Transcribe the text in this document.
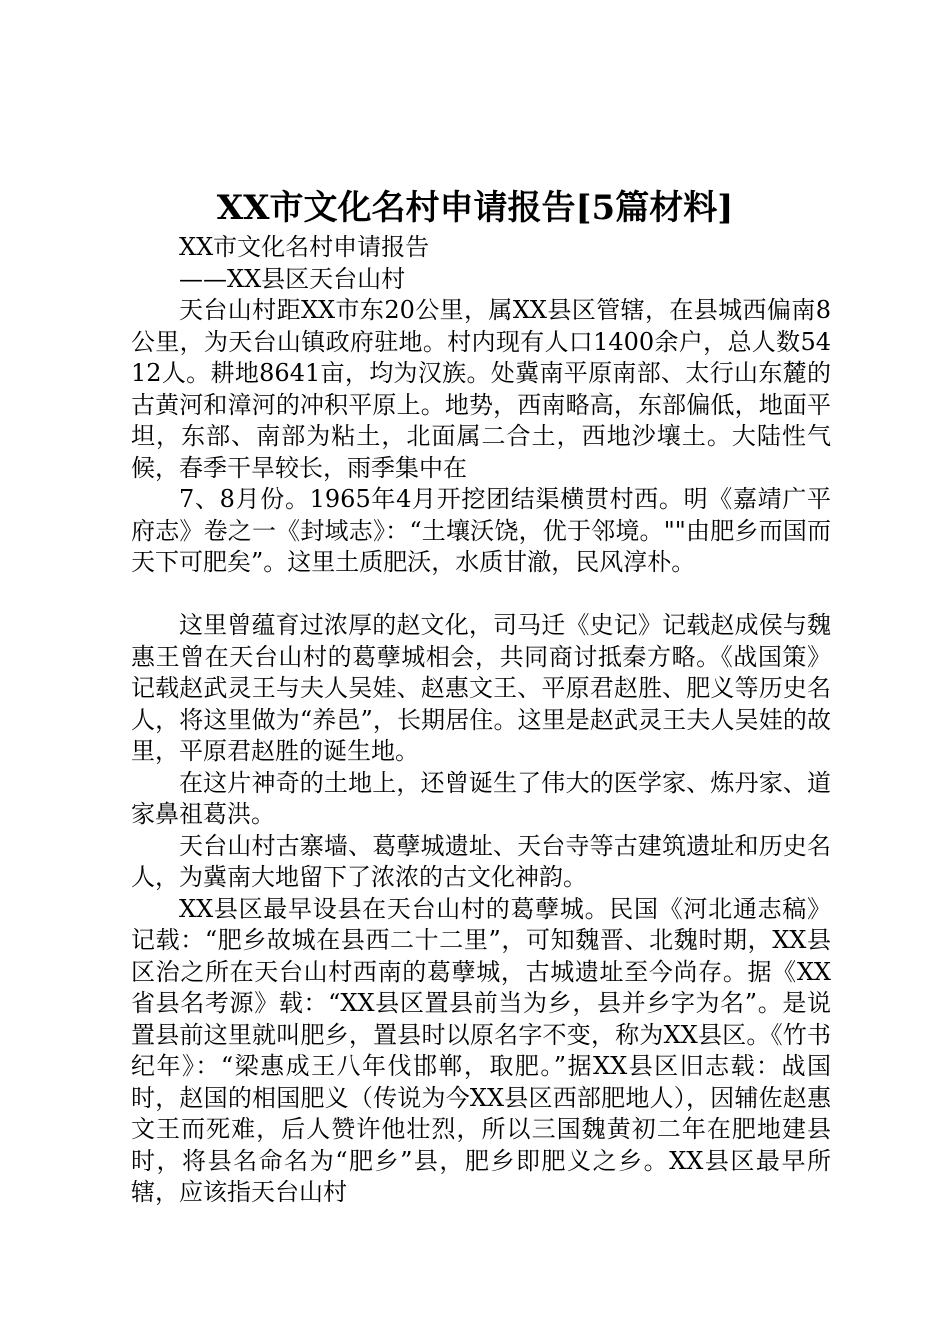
XX市文化名村申请报告[5篇材料]

XX市文化名村申请报告

——XX县区天台山村

天台山村距XX市东20公里，属XX县区管辖，在县城西偏南8公里，为天台山镇政府驻地。村内现有人口1400余户，总人数5412人。耕地8641亩，均为汉族。处冀南平原南部、太行山东麓的古黄河和漳河的冲积平原上。地势，西南略高，东部偏低，地面平坦，东部、南部为粘土，北面属二合土，西地沙壤土。大陆性气候，春季干旱较长，雨季集中在

7、8月份。1965年4月开挖团结渠横贯村西。明《嘉靖广平府志》卷之一《封域志》：“土壤沃饶，优于邻境。""由肥乡而国而天下可肥矣”。这里土质肥沃，水质甘澈，民风淳朴。

这里曾蕴育过浓厚的赵文化，司马迁《史记》记载赵成侯与魏惠王曾在天台山村的葛孽城相会，共同商讨抵秦方略。《战国策》记载赵武灵王与夫人吴娃、赵惠文王、平原君赵胜、肥义等历史名人，将这里做为“养邑”，长期居住。这里是赵武灵王夫人吴娃的故里，平原君赵胜的诞生地。

在这片神奇的土地上，还曾诞生了伟大的医学家、炼丹家、道家鼻祖葛洪。

天台山村古寨墙、葛孽城遗址、天台寺等古建筑遗址和历史名人，为冀南大地留下了浓浓的古文化神韵。

XX县区最早设县在天台山村的葛孽城。民国《河北通志稿》记载：“肥乡故城在县西二十二里”，可知魏晋、北魏时期，XX县区治之所在天台山村西南的葛孽城，古城遗址至今尚存。据《XX省县名考源》载：“XX县区置县前当为乡，县并乡字为名”。是说置县前这里就叫肥乡，置县时以原名字不变，称为XX县区。《竹书纪年》：“梁惠成王八年伐邯郸，取肥。”据XX县区旧志载：战国时，赵国的相国肥义（传说为今XX县区西部肥地人），因辅佐赵惠文王而死难，后人赞许他壮烈，所以三国魏黄初二年在肥地建县时，将县名命名为“肥乡”县，肥乡即肥义之乡。XX县区最早所辖，应该指天台山村
